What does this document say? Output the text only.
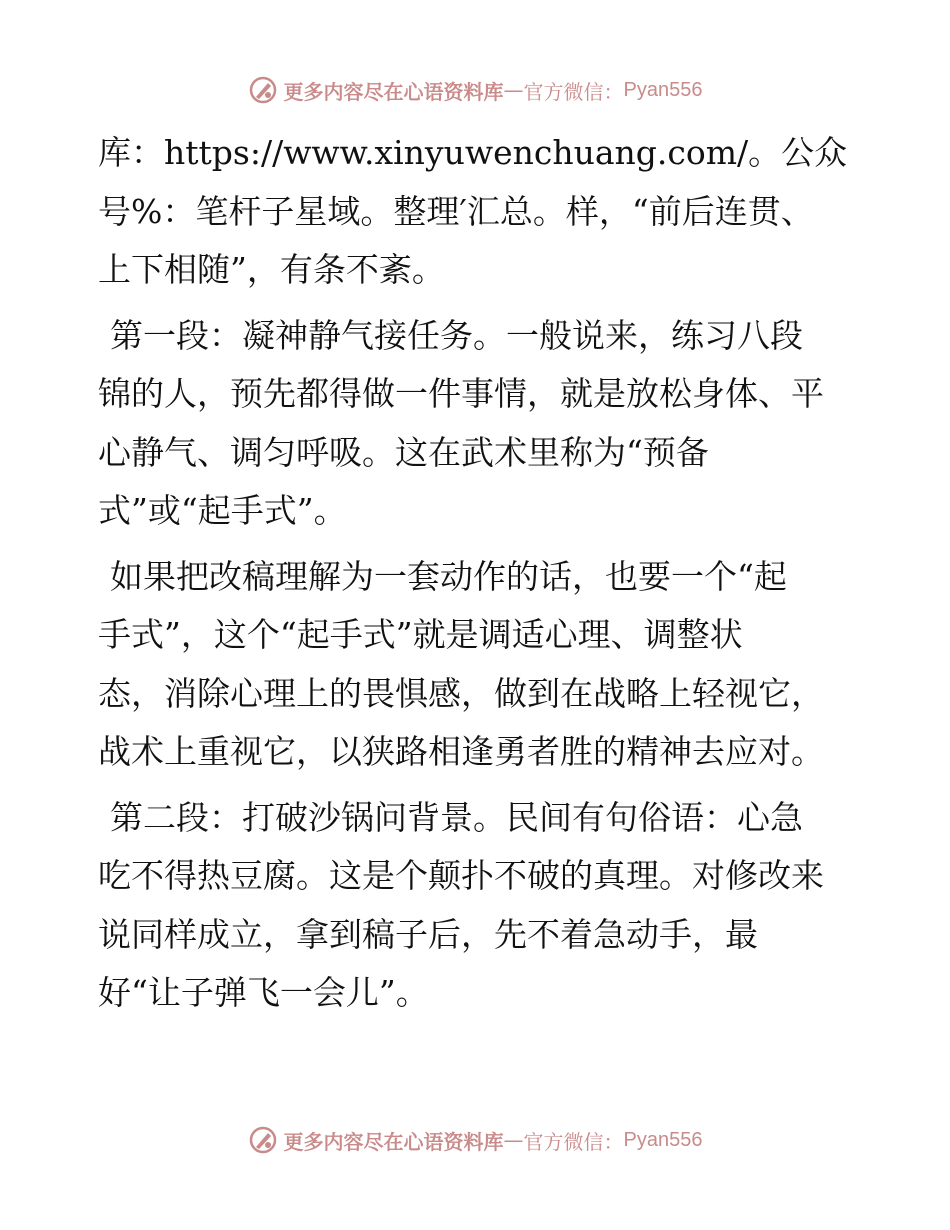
更多内容尽在心语资料库 — 官方微信： Pyan556
库：https://www.xinyuwenchuang.com/。公众
号%：笔杆子星域。整理′汇总。样，“前后连贯、
上下相随”，有条不紊。
第一段：凝神静气接任务。一般说来，练习八段
锦的人，预先都得做一件事情，就是放松身体、平
心静气、调匀呼吸。这在武术里称为“预备
式”或“起手式”。
如果把改稿理解为一套动作的话，也要一个“起
手式”，这个“起手式”就是调适心理、调整状
态，消除心理上的畏惧感，做到在战略上轻视它，
战术上重视它，以狭路相逢勇者胜的精神去应对。
第二段：打破沙锅问背景。民间有句俗语：心急
吃不得热豆腐。这是个颠扑不破的真理。对修改来
说同样成立，拿到稿子后，先不着急动手，最
好“让子弹飞一会儿”。
更多内容尽在心语资料库 — 官方微信： Pyan556
